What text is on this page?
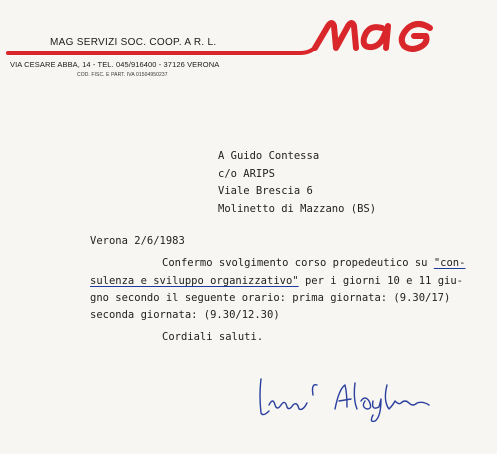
MAG SERVIZI SOC. COOP. A R. L.
VIA CESARE ABBA, 14 - TEL. 045/916400 - 37126 VERONA
COD. FISC. E PART. IVA 01504950237
A Guido Contessa
c/o ARIPS
Viale Brescia 6
Molinetto di Mazzano (BS)
Verona 2/6/1983
Confermo svolgimento corso propedeutico su "con-
sulenza e sviluppo organizzativo" per i giorni 10 e 11 giu-
gno secondo il seguente orario: prima giornata: (9.30/17)
seconda giornata: (9.30/12.30)
Cordiali saluti.
